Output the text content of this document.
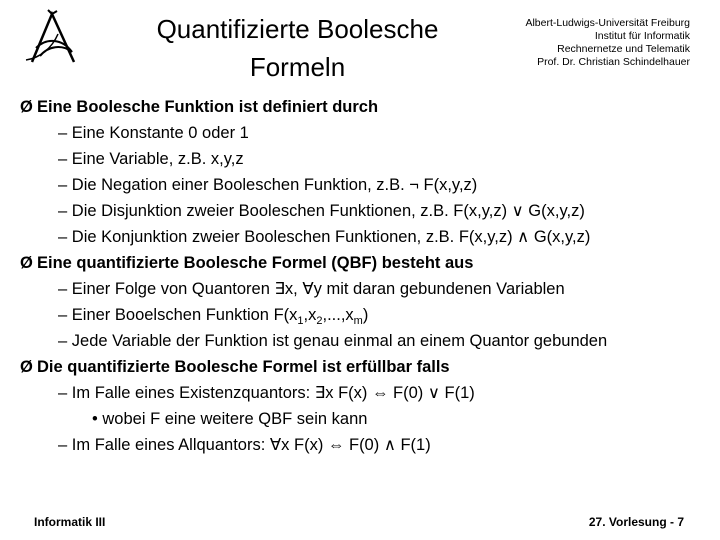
Quantifizierte Boolesche
Formeln
Albert-Ludwigs-Universität Freiburg
Institut für Informatik
Rechnernetze und Telematik
Prof. Dr. Christian Schindelhauer
Ø Eine Boolesche Funktion ist definiert durch
– Eine Konstante 0 oder 1
– Eine Variable, z.B. x,y,z
– Die Negation einer Booleschen Funktion, z.B. ¬ F(x,y,z)
– Die Disjunktion zweier Booleschen Funktionen, z.B. F(x,y,z) ∨ G(x,y,z)
– Die Konjunktion zweier Booleschen Funktionen, z.B. F(x,y,z) ∧ G(x,y,z)
Ø Eine quantifizierte Boolesche Formel (QBF) besteht aus
– Einer Folge von Quantoren ∃x, ∀y mit daran gebundenen Variablen
– Einer Booelschen Funktion $F(x_1,x_2,...,x_m)$
– Jede Variable der Funktion ist genau einmal an einem Quantor gebunden
Ø Die quantifizierte Boolesche Formel ist erfüllbar falls
– Im Falle eines Existenzquantors: ∃x F(x) ⇔ F(0) ∨ F(1)
• wobei F eine weitere QBF sein kann
– Im Falle eines Allquantors: ∀x F(x) ⇔ F(0) ∧ F(1)
Informatik III	27. Vorlesung - 7
